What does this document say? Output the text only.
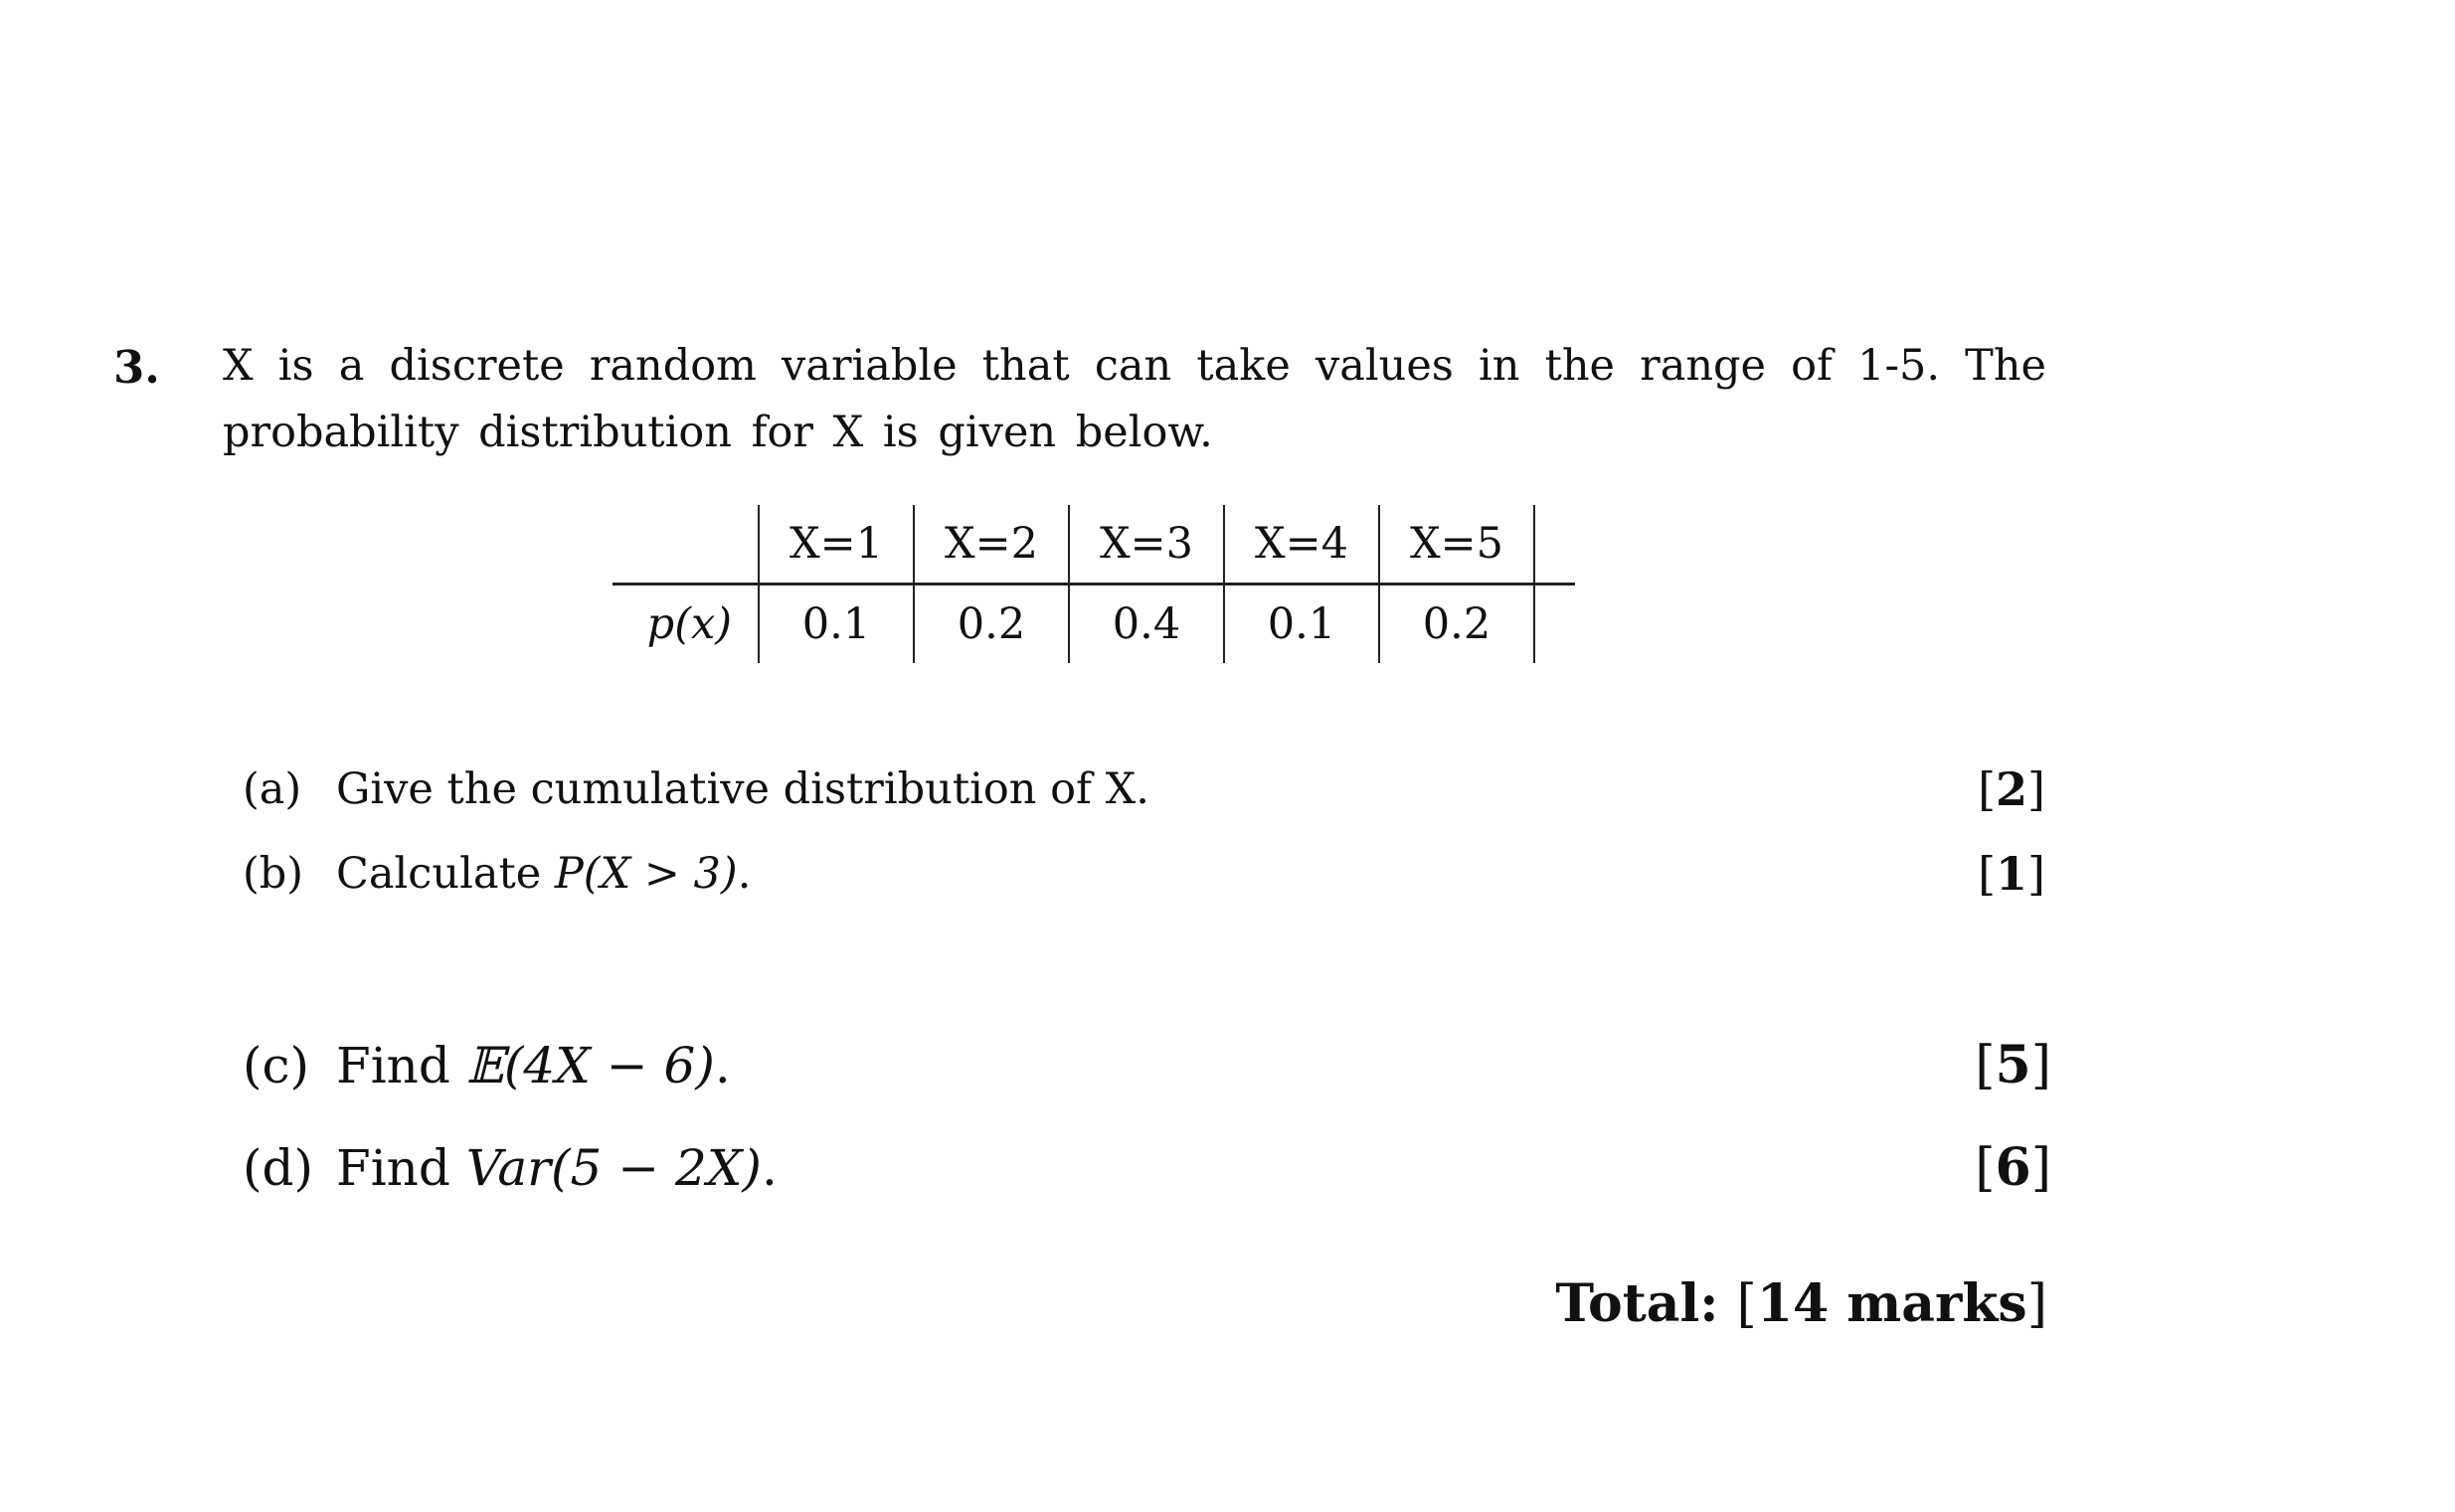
3. X is a discrete random variable that can take values in the range of 1-5. The probability distribution for X is given below.
	X=1	X=2	X=3	X=4	X=5	
p(x)	0.1	0.2	0.4	0.1	0.2	
(a) Give the cumulative distribution of X.	[2]
(b) Calculate P(X > 3).	[1]
(c) Find 𝔼(4X − 6).	[5]
(d) Find Var(5 − 2X).	[6]
Total: [14 marks]
